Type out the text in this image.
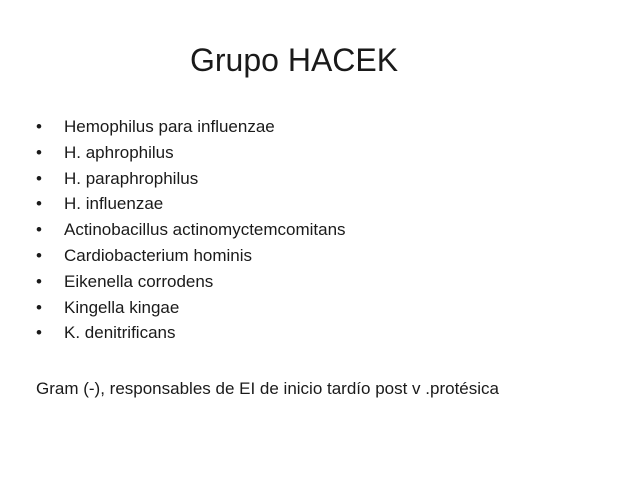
Grupo HACEK
•	Hemophilus para influenzae
•	H. aphrophilus
•	H. paraphrophilus
•	H. influenzae
•	Actinobacillus actinomyctemcomitans
•	Cardiobacterium hominis
•	Eikenella corrodens
•	Kingella kingae
•	K. denitrificans
Gram (-), responsables de EI de inicio tardío post v .protésica
